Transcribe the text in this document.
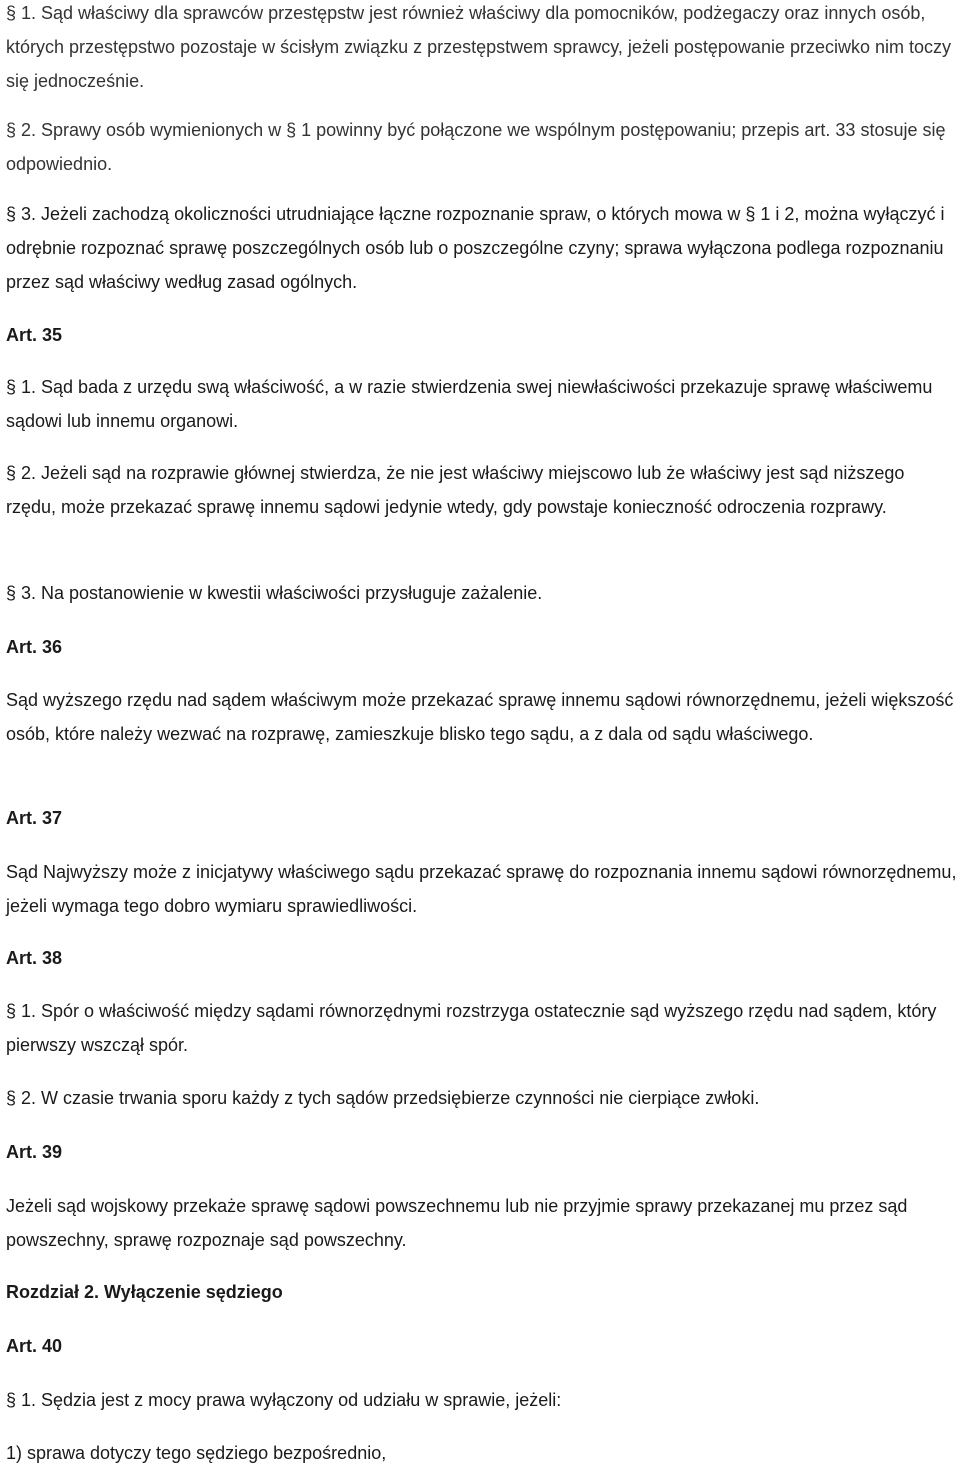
§ 1. Sąd właściwy dla sprawców przestępstw jest również właściwy dla pomocników, podżegaczy oraz innych osób, których przestępstwo pozostaje w ścisłym związku z przestępstwem sprawcy, jeżeli postępowanie przeciwko nim toczy się jednocześnie.

§ 2. Sprawy osób wymienionych w § 1 powinny być połączone we wspólnym postępowaniu; przepis art. 33 stosuje się odpowiednio.

§ 3. Jeżeli zachodzą okoliczności utrudniające łączne rozpoznanie spraw, o których mowa w § 1 i 2, można wyłączyć i odrębnie rozpoznać sprawę poszczególnych osób lub o poszczególne czyny; sprawa wyłączona podlega rozpoznaniu przez sąd właściwy według zasad ogólnych.

Art. 35

§ 1. Sąd bada z urzędu swą właściwość, a w razie stwierdzenia swej niewłaściwości przekazuje sprawę właściwemu sądowi lub innemu organowi.

§ 2. Jeżeli sąd na rozprawie głównej stwierdza, że nie jest właściwy miejscowo lub że właściwy jest sąd niższego rzędu, może przekazać sprawę innemu sądowi jedynie wtedy, gdy powstaje konieczność odroczenia rozprawy.

§ 3. Na postanowienie w kwestii właściwości przysługuje zażalenie.

Art. 36

Sąd wyższego rzędu nad sądem właściwym może przekazać sprawę innemu sądowi równorzędnemu, jeżeli większość osób, które należy wezwać na rozprawę, zamieszkuje blisko tego sądu, a z dala od sądu właściwego.

Art. 37

Sąd Najwyższy może z inicjatywy właściwego sądu przekazać sprawę do rozpoznania innemu sądowi równorzędnemu, jeżeli wymaga tego dobro wymiaru sprawiedliwości.

Art. 38

§ 1. Spór o właściwość między sądami równorzędnymi rozstrzyga ostatecznie sąd wyższego rzędu nad sądem, który pierwszy wszczął spór.

§ 2. W czasie trwania sporu każdy z tych sądów przedsiębierze czynności nie cierpiące zwłoki.

Art. 39

Jeżeli sąd wojskowy przekaże sprawę sądowi powszechnemu lub nie przyjmie sprawy przekazanej mu przez sąd powszechny, sprawę rozpoznaje sąd powszechny.

Rozdział 2. Wyłączenie sędziego

Art. 40

§ 1. Sędzia jest z mocy prawa wyłączony od udziału w sprawie, jeżeli:

1) sprawa dotyczy tego sędziego bezpośrednio,
